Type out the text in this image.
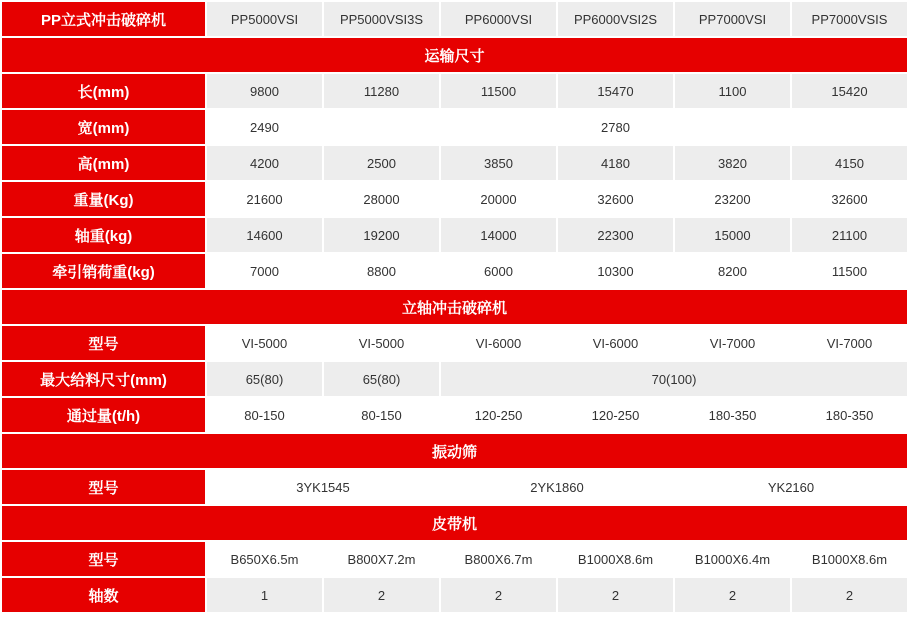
PP立式冲击破碎机	PP5000VSI	PP5000VSI3S	PP6000VSI	PP6000VSI2S	PP7000VSI	PP7000VSIS
运输尺寸						
长(mm)	9800	11280	11500	15470	1100	15420
宽(mm)	2490	2780				
高(mm)	4200	2500	3850	4180	3820	4150
重量(Kg)	21600	28000	20000	32600	23200	32600
轴重(kg)	14600	19200	14000	22300	15000	21100
牵引销荷重(kg)	7000	8800	6000	10300	8200	11500
立轴冲击破碎机						
型号	VI-5000	VI-5000	VI-6000	VI-6000	VI-7000	VI-7000
最大给料尺寸(mm)	65(80)	65(80)	70(100)			
通过量(t/h)	80-150	80-150	120-250	120-250	180-350	180-350
振动筛						
型号	3YK1545		2YK1860		YK2160	
皮带机						
型号	B650X6.5m	B800X7.2m	B800X6.7m	B1000X8.6m	B1000X6.4m	B1000X8.6m
轴数	1	2	2	2	2	2
